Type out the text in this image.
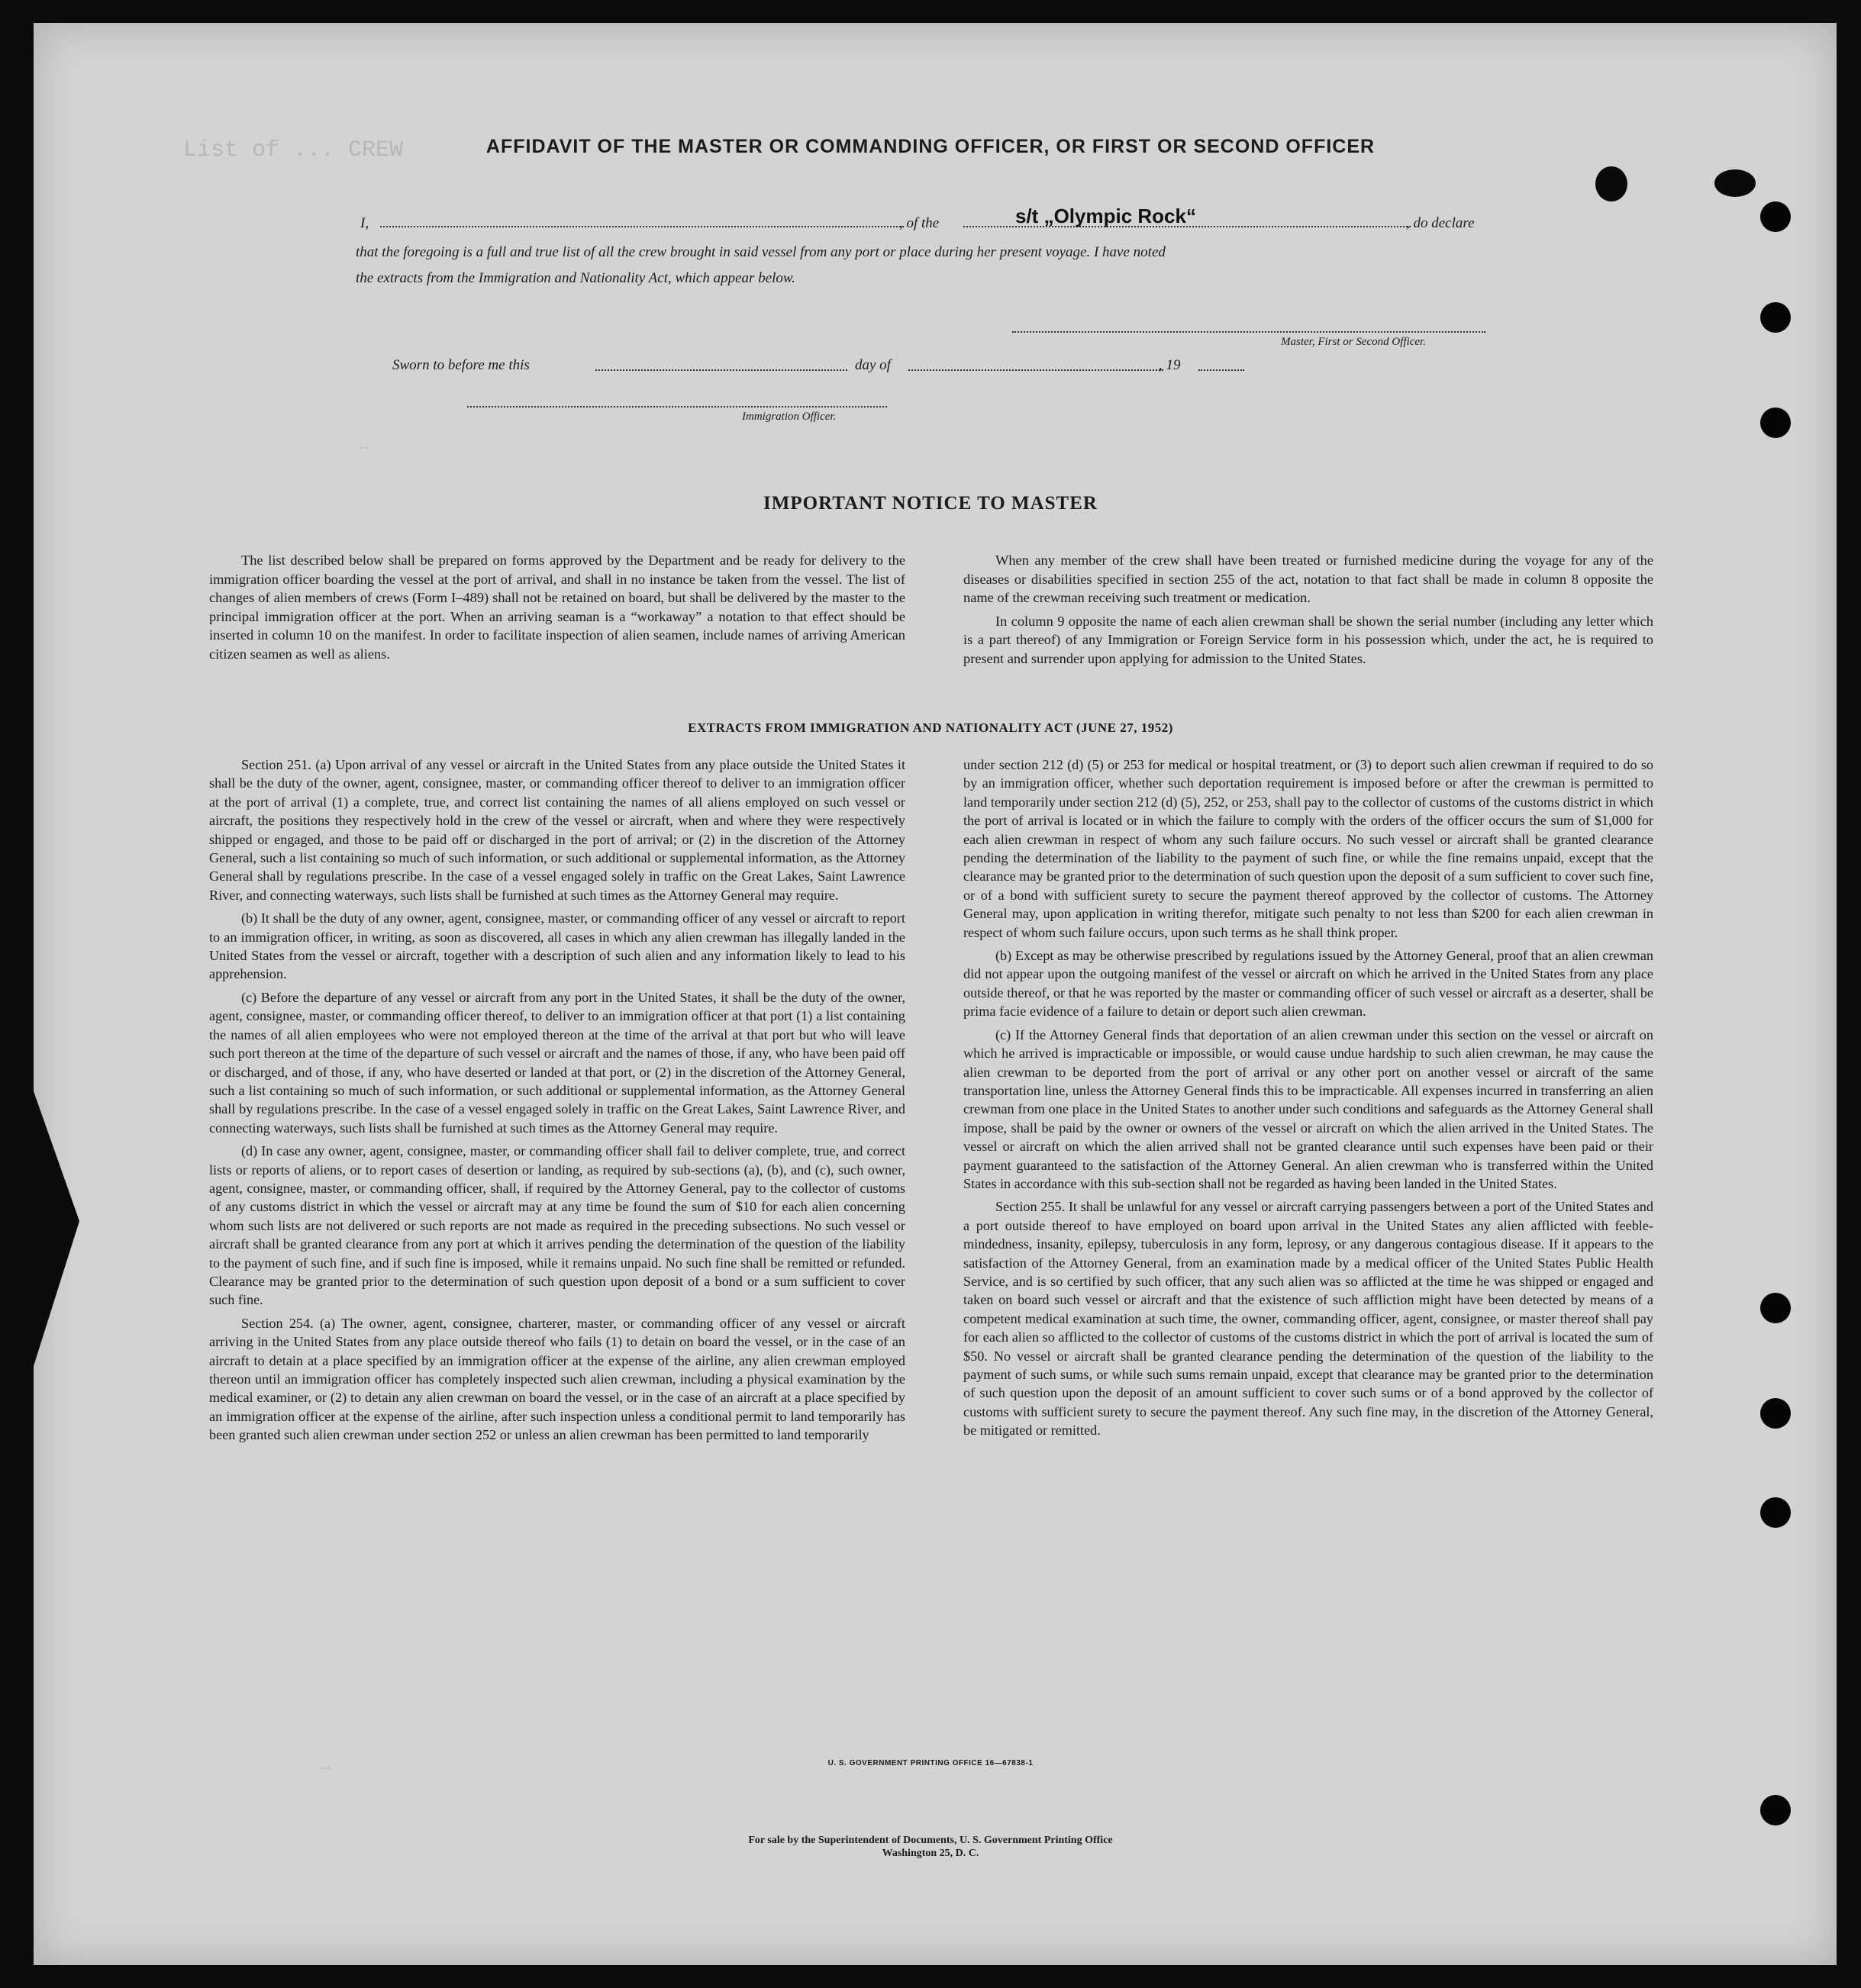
List of ... CREW
…
…
AFFIDAVIT OF THE MASTER OR COMMANDING OFFICER, OR FIRST OR SECOND OFFICER
I,	, of the	s/t „Olympic Rock“	, do declare
that the foregoing is a full and true list of all the crew brought in said vessel from any port or place during her present voyage. I have noted
the extracts from the Immigration and Nationality Act, which appear below.
Master, First or Second Officer.
Sworn to before me this	day of	, 19
Immigration Officer.
IMPORTANT NOTICE TO MASTER

The list described below shall be prepared on forms approved by the Department and be ready for delivery to the immigration officer boarding the vessel at the port of arrival, and shall in no instance be taken from the vessel. The list of changes of alien members of crews (Form I–489) shall not be retained on board, but shall be delivered by the master to the principal immigration officer at the port. When an arriving seaman is a “workaway” a notation to that effect should be inserted in column 10 on the manifest. In order to facilitate inspection of alien seamen, include names of arriving American citizen seamen as well as aliens.

When any member of the crew shall have been treated or furnished medicine during the voyage for any of the diseases or disabilities specified in section 255 of the act, notation to that fact shall be made in column 8 opposite the name of the crewman receiving such treatment or medication.

In column 9 opposite the name of each alien crewman shall be shown the serial number (including any letter which is a part thereof) of any Immigration or Foreign Service form in his possession which, under the act, he is required to present and surrender upon applying for admission to the United States.

EXTRACTS FROM IMMIGRATION AND NATIONALITY ACT (JUNE 27, 1952)

Section 251. (a) Upon arrival of any vessel or aircraft in the United States from any place outside the United States it shall be the duty of the owner, agent, consignee, master, or commanding officer thereof to deliver to an immigration officer at the port of arrival (1) a complete, true, and correct list containing the names of all aliens employed on such vessel or aircraft, the positions they respectively hold in the crew of the vessel or aircraft, when and where they were respectively shipped or engaged, and those to be paid off or discharged in the port of arrival; or (2) in the discretion of the Attorney General, such a list containing so much of such information, or such additional or supplemental information, as the Attorney General shall by regulations prescribe. In the case of a vessel engaged solely in traffic on the Great Lakes, Saint Lawrence River, and connecting waterways, such lists shall be furnished at such times as the Attorney General may require.

(b) It shall be the duty of any owner, agent, consignee, master, or commanding officer of any vessel or aircraft to report to an immigration officer, in writing, as soon as discovered, all cases in which any alien crewman has illegally landed in the United States from the vessel or aircraft, together with a description of such alien and any information likely to lead to his apprehension.

(c) Before the departure of any vessel or aircraft from any port in the United States, it shall be the duty of the owner, agent, consignee, master, or commanding officer thereof, to deliver to an immigration officer at that port (1) a list containing the names of all alien employees who were not employed thereon at the time of the arrival at that port but who will leave such port thereon at the time of the departure of such vessel or aircraft and the names of those, if any, who have been paid off or discharged, and of those, if any, who have deserted or landed at that port, or (2) in the discretion of the Attorney General, such a list containing so much of such information, or such additional or supplemental information, as the Attorney General shall by regulations prescribe. In the case of a vessel engaged solely in traffic on the Great Lakes, Saint Lawrence River, and connecting waterways, such lists shall be furnished at such times as the Attorney General may require.

(d) In case any owner, agent, consignee, master, or commanding officer shall fail to deliver complete, true, and correct lists or reports of aliens, or to report cases of desertion or landing, as required by sub-sections (a), (b), and (c), such owner, agent, consignee, master, or commanding officer, shall, if required by the Attorney General, pay to the collector of customs of any customs district in which the vessel or aircraft may at any time be found the sum of $10 for each alien concerning whom such lists are not delivered or such reports are not made as required in the preceding subsections. No such vessel or aircraft shall be granted clearance from any port at which it arrives pending the determination of the question of the liability to the payment of such fine, and if such fine is imposed, while it remains unpaid. No such fine shall be remitted or refunded. Clearance may be granted prior to the determination of such question upon deposit of a bond or a sum sufficient to cover such fine.

Section 254. (a) The owner, agent, consignee, charterer, master, or commanding officer of any vessel or aircraft arriving in the United States from any place outside thereof who fails (1) to detain on board the vessel, or in the case of an aircraft to detain at a place specified by an immigration officer at the expense of the airline, any alien crewman employed thereon until an immigration officer has completely inspected such alien crewman, including a physical examination by the medical examiner, or (2) to detain any alien crewman on board the vessel, or in the case of an aircraft at a place specified by an immigration officer at the expense of the airline, after such inspection unless a conditional permit to land temporarily has been granted such alien crewman under section 252 or unless an alien crewman has been permitted to land temporarily

under section 212 (d) (5) or 253 for medical or hospital treatment, or (3) to deport such alien crewman if required to do so by an immigration officer, whether such deportation requirement is imposed before or after the crewman is permitted to land temporarily under section 212 (d) (5), 252, or 253, shall pay to the collector of customs of the customs district in which the port of arrival is located or in which the failure to comply with the orders of the officer occurs the sum of $1,000 for each alien crewman in respect of whom any such failure occurs. No such vessel or aircraft shall be granted clearance pending the determination of the liability to the payment of such fine, or while the fine remains unpaid, except that the clearance may be granted prior to the determination of such question upon the deposit of a sum sufficient to cover such fine, or of a bond with sufficient surety to secure the payment thereof approved by the collector of customs. The Attorney General may, upon application in writing therefor, mitigate such penalty to not less than $200 for each alien crewman in respect of whom such failure occurs, upon such terms as he shall think proper.

(b) Except as may be otherwise prescribed by regulations issued by the Attorney General, proof that an alien crewman did not appear upon the outgoing manifest of the vessel or aircraft on which he arrived in the United States from any place outside thereof, or that he was reported by the master or commanding officer of such vessel or aircraft as a deserter, shall be prima facie evidence of a failure to detain or deport such alien crewman.

(c) If the Attorney General finds that deportation of an alien crewman under this section on the vessel or aircraft on which he arrived is impracticable or impossible, or would cause undue hardship to such alien crewman, he may cause the alien crewman to be deported from the port of arrival or any other port on another vessel or aircraft of the same transportation line, unless the Attorney General finds this to be impracticable. All expenses incurred in transferring an alien crewman from one place in the United States to another under such conditions and safeguards as the Attorney General shall impose, shall be paid by the owner or owners of the vessel or aircraft on which the alien arrived in the United States. The vessel or aircraft on which the alien arrived shall not be granted clearance until such expenses have been paid or their payment guaranteed to the satisfaction of the Attorney General. An alien crewman who is transferred within the United States in accordance with this sub-section shall not be regarded as having been landed in the United States.

Section 255. It shall be unlawful for any vessel or aircraft carrying passengers between a port of the United States and a port outside thereof to have employed on board upon arrival in the United States any alien afflicted with feeble-mindedness, insanity, epilepsy, tuberculosis in any form, leprosy, or any dangerous contagious disease. If it appears to the satisfaction of the Attorney General, from an examination made by a medical officer of the United States Public Health Service, and is so certified by such officer, that any such alien was so afflicted at the time he was shipped or engaged and taken on board such vessel or aircraft and that the existence of such affliction might have been detected by means of a competent medical examination at such time, the owner, commanding officer, agent, consignee, or master thereof shall pay for each alien so afflicted to the collector of customs of the customs district in which the port of arrival is located the sum of $50. No vessel or aircraft shall be granted clearance pending the determination of the question of the liability to the payment of such sums, or while such sums remain unpaid, except that clearance may be granted prior to the determination of such question upon the deposit of an amount sufficient to cover such sums or of a bond approved by the collector of customs with sufficient surety to secure the payment thereof. Any such fine may, in the discretion of the Attorney General, be mitigated or remitted.

U. S. GOVERNMENT PRINTING OFFICE 16—67838-1
For sale by the Superintendent of Documents, U. S. Government Printing Office
Washington 25, D. C.
